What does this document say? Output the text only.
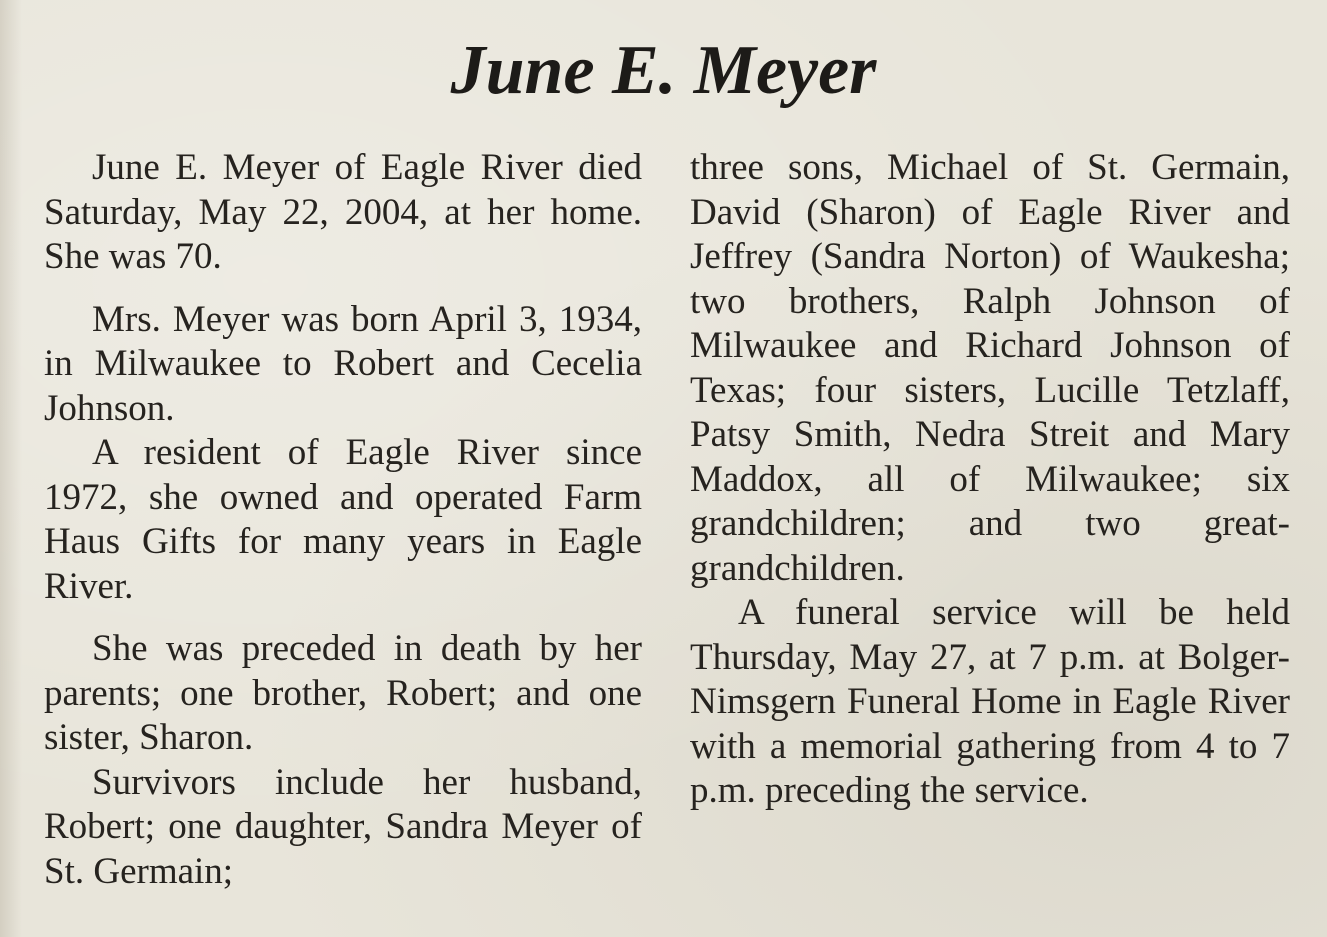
June E. Meyer

June E. Meyer of Eagle River died Saturday, May 22, 2004, at her home. She was 70.

Mrs. Meyer was born April 3, 1934, in Milwaukee to Robert and Cecelia Johnson.

A resident of Eagle River since 1972, she owned and operated Farm Haus Gifts for many years in Eagle River.

She was preceded in death by her parents; one brother, Robert; and one sister, Sharon.

Survivors include her husband, Robert; one daughter, Sandra Meyer of St. Germain;

three sons, Michael of St. Germain, David (Sharon) of Eagle River and Jeffrey (Sandra Norton) of Waukesha; two brothers, Ralph Johnson of Milwaukee and Richard Johnson of Texas; four sisters, Lucille Tetzlaff, Patsy Smith, Nedra Streit and Mary Maddox, all of Milwaukee; six grandchildren; and two great-grandchildren.

A funeral service will be held Thursday, May 27, at 7 p.m. at Bolger-Nimsgern Funeral Home in Eagle River with a memorial gathering from 4 to 7 p.m. preceding the service.
